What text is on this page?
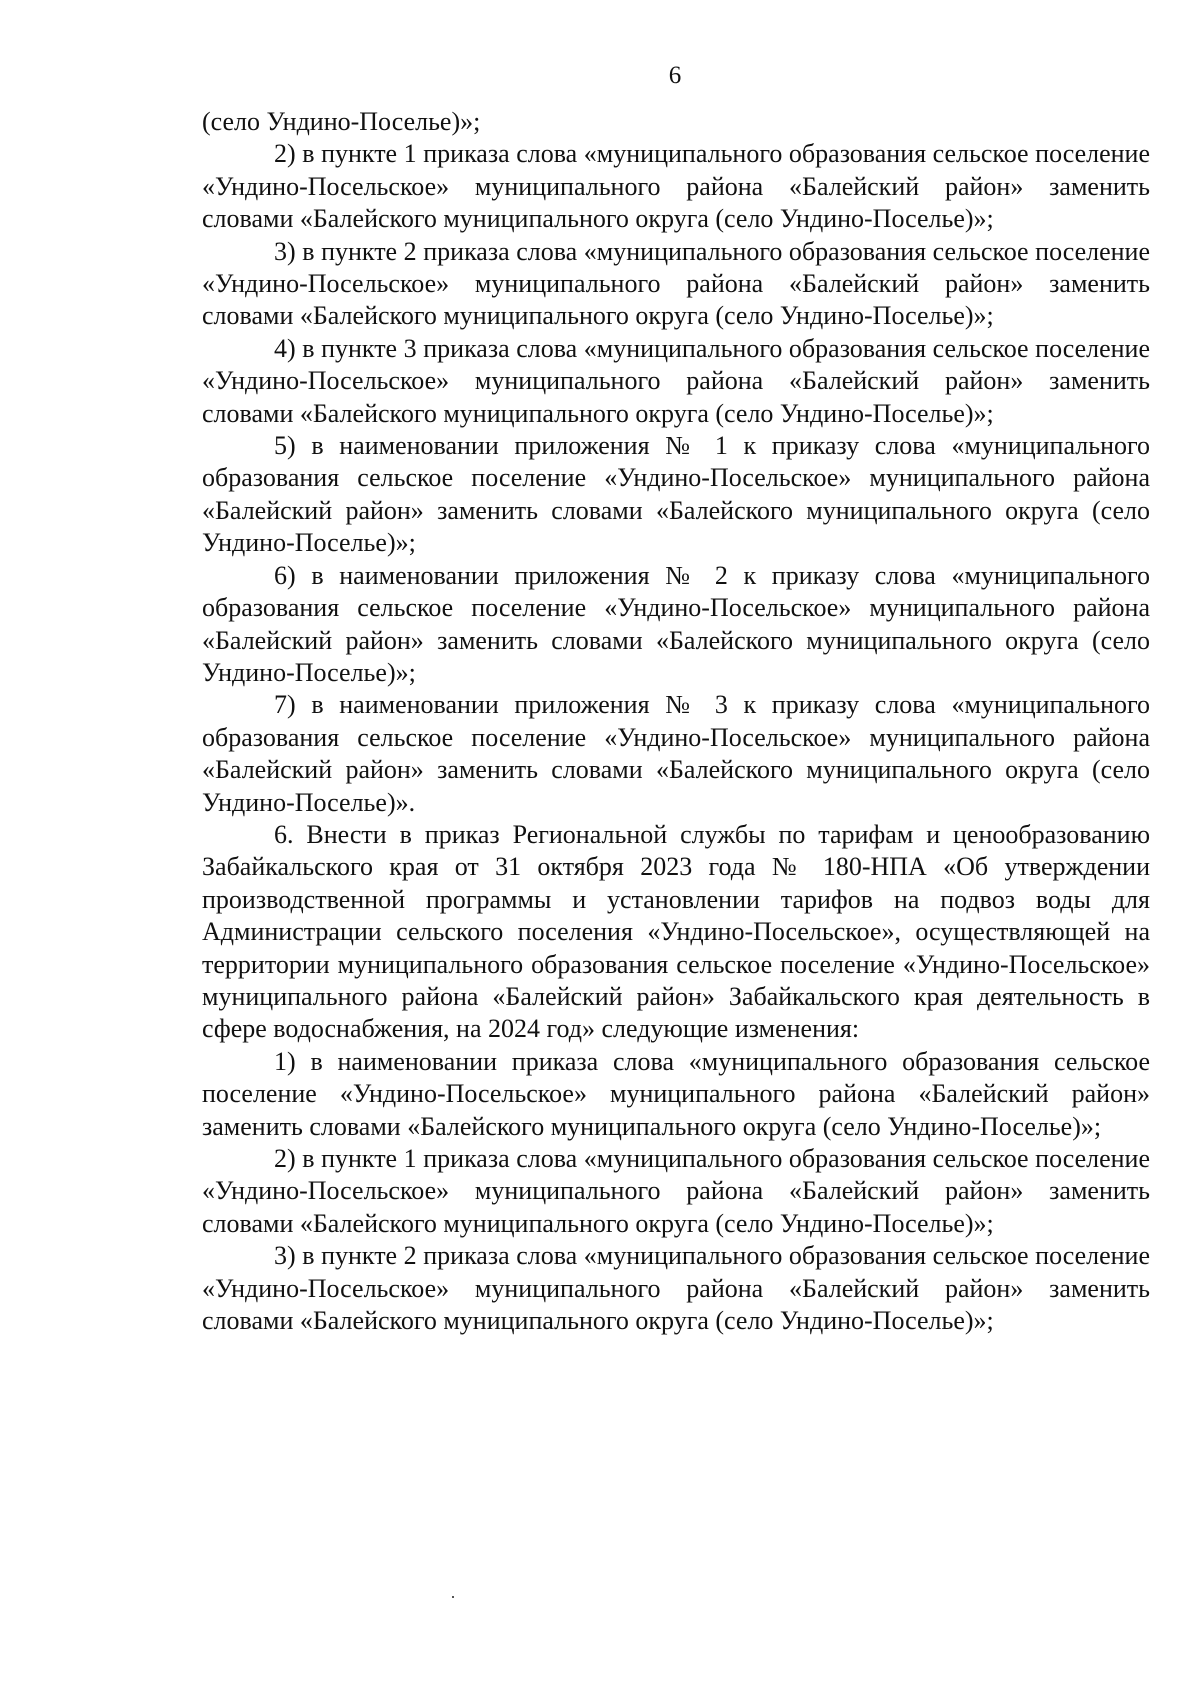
6

(село Ундино-Поселье)»;

2) в пункте 1 приказа слова «муниципального образования сельское поселение «Ундино-Посельское» муниципального района «Балейский район» заменить словами «Балейского муниципального округа (село Ундино-Поселье)»;

3) в пункте 2 приказа слова «муниципального образования сельское поселение «Ундино-Посельское» муниципального района «Балейский район» заменить словами «Балейского муниципального округа (село Ундино-Поселье)»;

4) в пункте 3 приказа слова «муниципального образования сельское поселение «Ундино-Посельское» муниципального района «Балейский район» заменить словами «Балейского муниципального округа (село Ундино-Поселье)»;

5) в наименовании приложения № 1 к приказу слова «муниципального образования сельское поселение «Ундино-Посельское» муниципального района «Балейский район» заменить словами «Балейского муниципального округа (село Ундино-Поселье)»;

6) в наименовании приложения № 2 к приказу слова «муниципального образования сельское поселение «Ундино-Посельское» муниципального района «Балейский район» заменить словами «Балейского муниципального округа (село Ундино-Поселье)»;

7) в наименовании приложения № 3 к приказу слова «муниципального образования сельское поселение «Ундино-Посельское» муниципального района «Балейский район» заменить словами «Балейского муниципального округа (село Ундино-Поселье)».

6. Внести в приказ Региональной службы по тарифам и ценообразованию Забайкальского края от 31 октября 2023 года № 180-НПА «Об утверждении производственной программы и установлении тарифов на подвоз воды для Администрации сельского поселения «Ундино-Посельское», осуществляющей на территории муниципального образования сельское поселение «Ундино-Посельское» муниципального района «Балейский район» Забайкальского края деятельность в сфере водоснабжения, на 2024 год» следующие изменения:

1) в наименовании приказа слова «муниципального образования сельское поселение «Ундино-Посельское» муниципального района «Балейский район» заменить словами «Балейского муниципального округа (село Ундино-Поселье)»;

2) в пункте 1 приказа слова «муниципального образования сельское поселение «Ундино-Посельское» муниципального района «Балейский район» заменить словами «Балейского муниципального округа (село Ундино-Поселье)»;

3) в пункте 2 приказа слова «муниципального образования сельское поселение «Ундино-Посельское» муниципального района «Балейский район» заменить словами «Балейского муниципального округа (село Ундино-Поселье)»;
